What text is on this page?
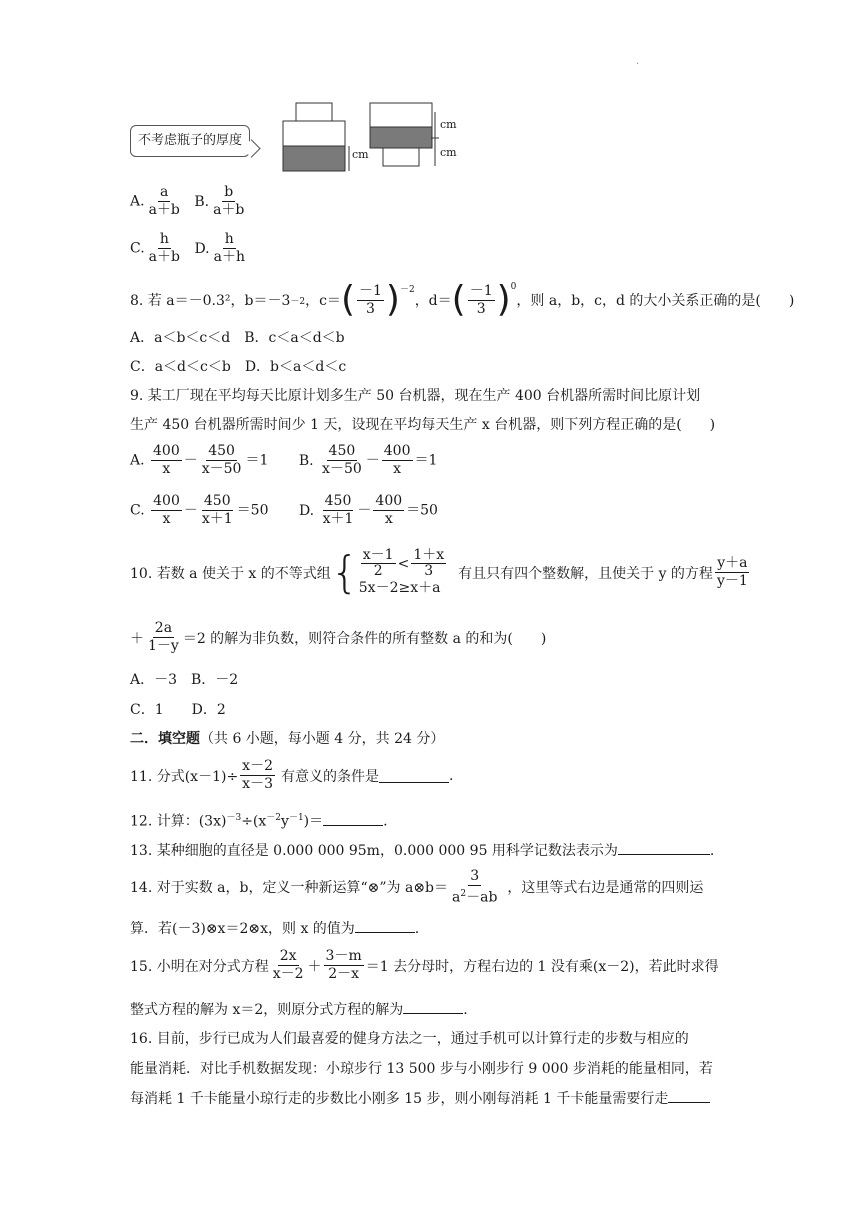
.
不考虑瓶子的厚度
cm
cm
cm
A. $\frac{a}{a+b} B$. $\frac{b}{a+b}$
C. $\frac{h}{a+b} D$. $\frac{h}{a+h}$
8. 若 a＝－0.3²，b＝－3 －2 ，c＝ ( $\frac{-1}{3}$ ) －2
，d＝ ( $\frac{-1}{3}$ ) 0
，则 a，b，c，d 的大小关系正确的是(　　)
A．a＜b＜c＜d　B．c＜a＜d＜b
C．a＜d＜c＜b　D．b＜a＜d＜c
9. 某工厂现在平均每天比原计划多生产 50 台机器，现在生产 400 台机器所需时间比原计划
生产 450 台机器所需时间少 1 天，设现在平均每天生产 x 台机器，则下列方程正确的是(　　)
A. $\frac{400}{x} - \frac{450}{x-50} =1$ B. $\frac{450}{x-50} - \frac{400}{x} =1$
C. $\frac{400}{x} - \frac{450}{x+1} =50$ D. $\frac{450}{x+1} - \frac{400}{x} =50$
10. 若数 a 使关于 x 的不等式组 { $\frac{x-1}{2} < \frac{1+x}{3}$
5x－2≥x＋a
有且只有四个整数解，且使关于 y 的方程 $\frac{y+a}{y-1}$
＋ $\frac{2a}{1-y} =2$ 的解为非负数，则符合条件的所有整数 a 的和为(　　)
A．－3　B．－2
C．1　　D．2
二．填空题（共 6 小题，每小题 4 分，共 24 分）
11. 分式$(x-1)\div \frac{x-2}{x-3}$ 有意义的条件是	.
12. 计算：$(3x)^{-3}\div(x^{-2}y^{-1})=$	.
13. 某种细胞的直径是 0.000 000 95m，0.000 000 95 用科学记数法表示为	.
14. 对于实数 a，b，定义一种新运算“⊗”为 a⊗b＝ $\frac{3}{a^2-ab}$ ，这里等式右边是通常的四则运
算．若(－3)⊗x＝2⊗x，则 x 的值为	.
15. 小明在对分式方程 $\frac{2x}{x-2} + \frac{3-m}{2-x} =1$ 去分母时，方程右边的 1 没有乘(x－2)，若此时求得
整式方程的解为 x＝2，则原分式方程的解为	.
16. 目前，步行已成为人们最喜爱的健身方法之一，通过手机可以计算行走的步数与相应的
能量消耗．对比手机数据发现：小琼步行 13 500 步与小刚步行 9 000 步消耗的能量相同，若
每消耗 1 千卡能量小琼行走的步数比小刚多 15 步，则小刚每消耗 1 千卡能量需要行走
